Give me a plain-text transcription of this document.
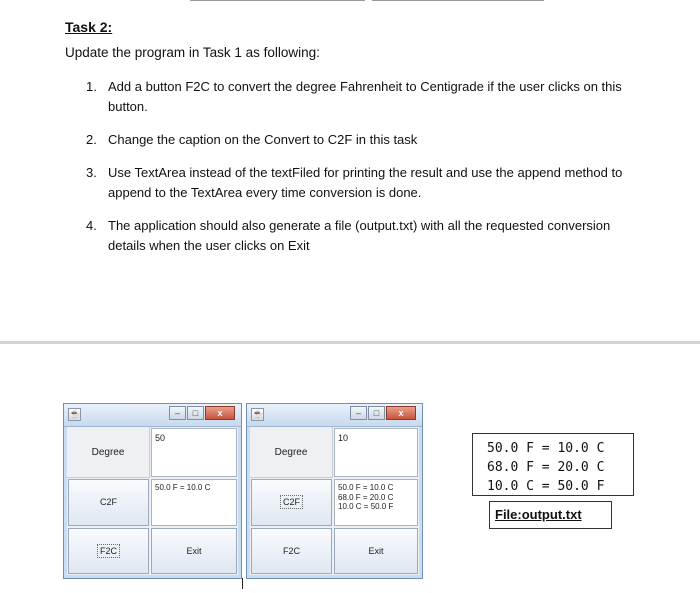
Task 2:
Update the program in Task 1 as following:
1. Add a button F2C to convert the degree Fahrenheit to Centigrade if the user clicks on this button.
2. Change the caption on the Convert to C2F in this task
3. Use TextArea instead of the textFiled for printing the result and use the append method to append to the TextArea every time conversion is done.
4. The application should also generate a file (output.txt) with all the requested conversion details when the user clicks on Exit
☕	–	□	x
Degree
50
C2F
50.0 F = 10.0 C
F2C	Exit
☕	–	□	x
Degree
10
C2F
50.0 F = 10.0 C
68.0 F = 20.0 C
10.0 C = 50.0 F
F2C	Exit
50.0 F = 10.0 C
68.0 F = 20.0 C
10.0 C = 50.0 F
File:output.txt
